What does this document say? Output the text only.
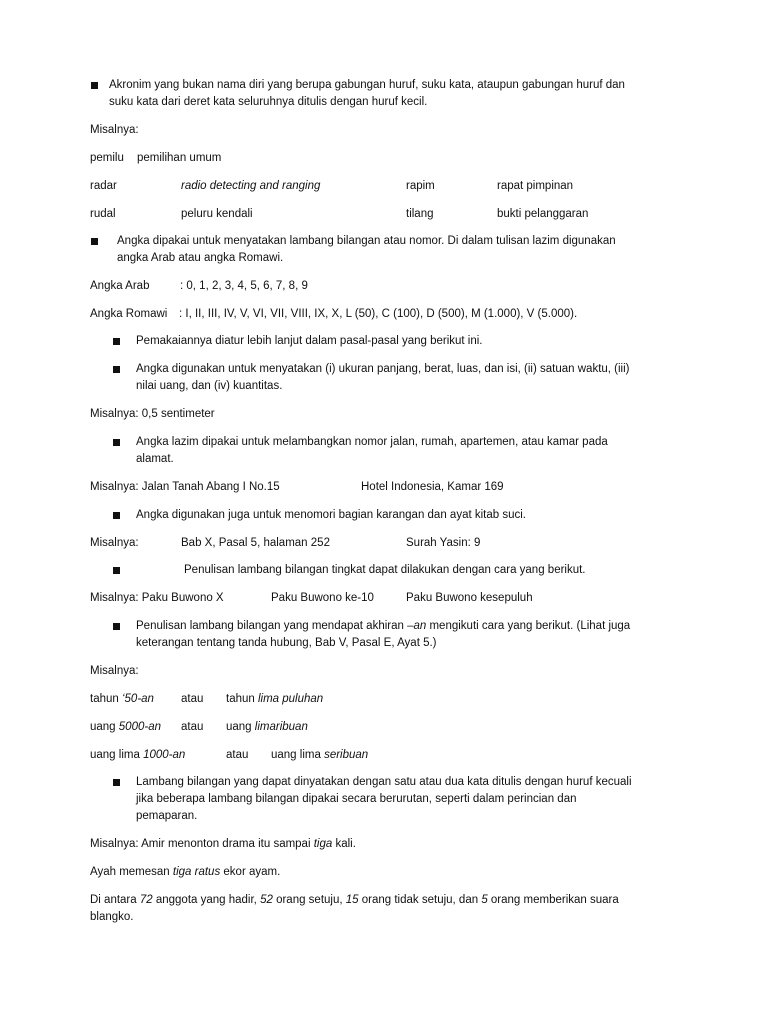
Akronim yang bukan nama diri yang berupa gabungan huruf, suku kata, ataupun gabungan huruf dan
suku kata dari deret kata seluruhnya ditulis dengan huruf kecil.
Misalnya:
pemilu pemilihan umum
radar	radio detecting and ranging	rapim	rapat pimpinan
rudal	peluru kendali	tilang	bukti pelanggaran
Angka dipakai untuk menyatakan lambang bilangan atau nomor. Di dalam tulisan lazim digunakan
angka Arab atau angka Romawi.
Angka Arab	: 0, 1, 2, 3, 4, 5, 6, 7, 8, 9
Angka Romawi : I, II, III, IV, V, VI, VII, VIII, IX, X, L (50), C (100), D (500), M (1.000), V (5.000).
Pemakaiannya diatur lebih lanjut dalam pasal-pasal yang berikut ini.
Angka digunakan untuk menyatakan (i) ukuran panjang, berat, luas, dan isi, (ii) satuan waktu, (iii)
nilai uang, dan (iv) kuantitas.
Misalnya: 0,5 sentimeter
Angka lazim dipakai untuk melambangkan nomor jalan, rumah, apartemen, atau kamar pada
alamat.
Misalnya: Jalan Tanah Abang I No.15	Hotel Indonesia, Kamar 169
Angka digunakan juga untuk menomori bagian karangan dan ayat kitab suci.
Misalnya:	Bab X, Pasal 5, halaman 252	Surah Yasin: 9
Penulisan lambang bilangan tingkat dapat dilakukan dengan cara yang berikut.
Misalnya: Paku Buwono X	Paku Buwono ke-10	Paku Buwono kesepuluh
Penulisan lambang bilangan yang mendapat akhiran –an mengikuti cara yang berikut. (Lihat juga
keterangan tentang tanda hubung, Bab V, Pasal E, Ayat 5.)
Misalnya:
tahun ‘50-an atau tahun lima puluhan
uang 5000-an atau uang limaribuan
uang lima 1000-an	atau uang lima seribuan
Lambang bilangan yang dapat dinyatakan dengan satu atau dua kata ditulis dengan huruf kecuali
jika beberapa lambang bilangan dipakai secara berurutan, seperti dalam perincian dan
pemaparan.
Misalnya: Amir menonton drama itu sampai tiga kali.
Ayah memesan tiga ratus ekor ayam.
Di antara 72 anggota yang hadir, 52 orang setuju, 15 orang tidak setuju, dan 5 orang memberikan suara
blangko.
